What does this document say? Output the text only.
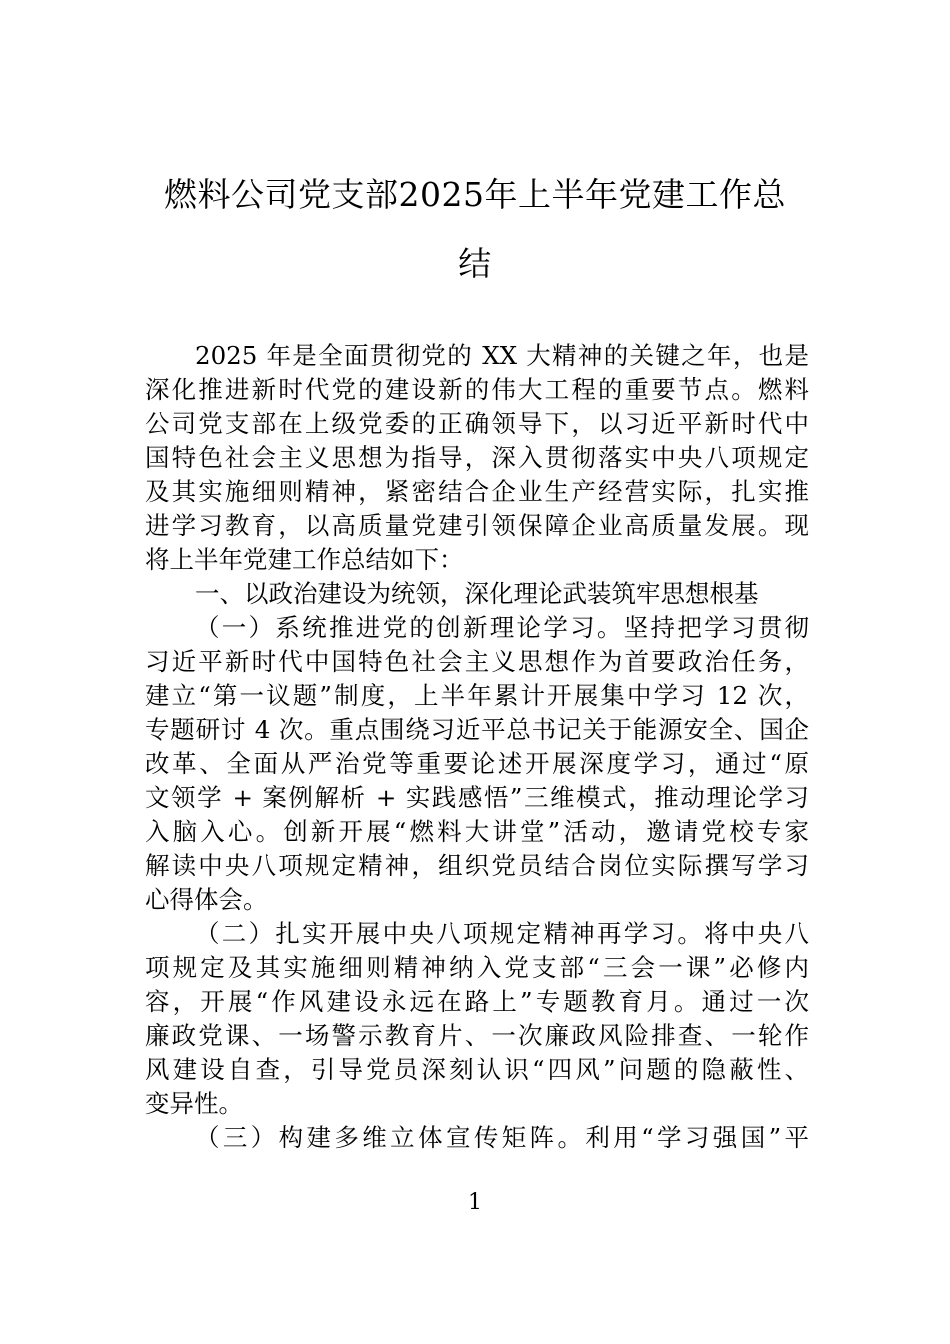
燃料公司党支部2025年上半年党建工作总
结
2025 年是全面贯彻党的 XX 大精神的关键之年，也是
深化推进新时代党的建设新的伟大工程的重要节点。燃料
公司党支部在上级党委的正确领导下，以习近平新时代中
国特色社会主义思想为指导，深入贯彻落实中央八项规定
及其实施细则精神，紧密结合企业生产经营实际，扎实推
进学习教育，以高质量党建引领保障企业高质量发展。现
将上半年党建工作总结如下：
一、以政治建设为统领，深化理论武装筑牢思想根基
（一）系统推进党的创新理论学习。坚持把学习贯彻
习近平新时代中国特色社会主义思想作为首要政治任务，
建立“第一议题”制度，上半年累计开展集中学习 12 次，
专题研讨 4 次。重点围绕习近平总书记关于能源安全、国企
改革、全面从严治党等重要论述开展深度学习，通过“原
文领学 + 案例解析 + 实践感悟”三维模式，推动理论学习
入脑入心。创新开展“燃料大讲堂”活动，邀请党校专家
解读中央八项规定精神，组织党员结合岗位实际撰写学习
心得体会。
（二）扎实开展中央八项规定精神再学习。将中央八
项规定及其实施细则精神纳入党支部“三会一课”必修内
容，开展“作风建设永远在路上”专题教育月。通过一次
廉政党课、一场警示教育片、一次廉政风险排查、一轮作
风建设自查，引导党员深刻认识“四风”问题的隐蔽性、
变异性。
（三）构建多维立体宣传矩阵。利用“学习强国”平
1
